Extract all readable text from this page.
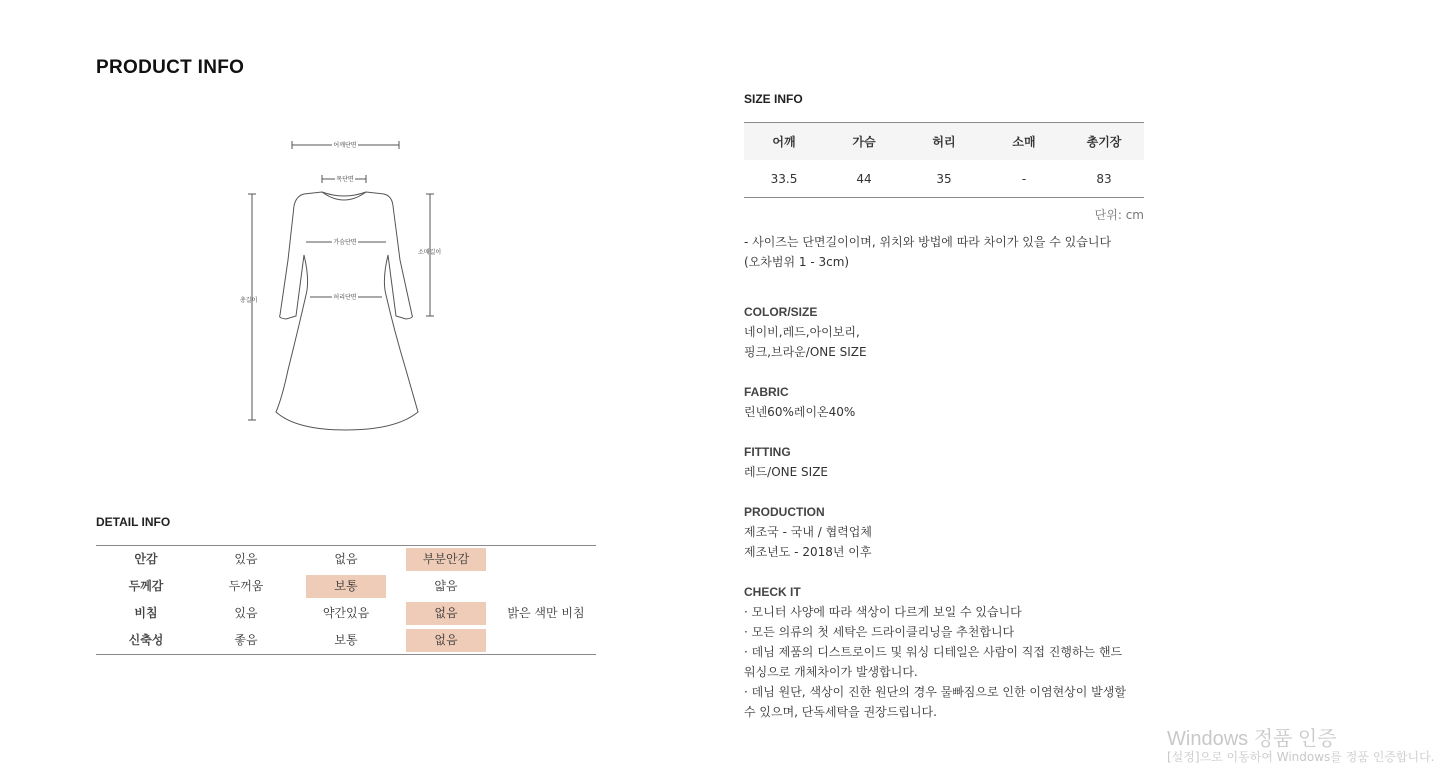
PRODUCT INFO
어깨단면
목단면
가슴단면
허리단면
소매길이
총길이
DETAIL INFO
안감	있음	없음	부분안감
두께감	두꺼움	보통	얇음
비침	있음	약간있음	없음	밝은 색만 비침
신축성	좋음	보통	없음
SIZE INFO
어깨	가슴	허리	소매	총기장
33.5	44	35	-	83
단위: cm
- 사이즈는 단면길이이며, 위치와 방법에 따라 차이가 있을 수 있습니다
(오차범위 1 - 3cm)
COLOR/SIZE
네이비,레드,아이보리,
핑크,브라운/ONE SIZE
FABRIC
린넨60%레이온40%
FITTING
레드/ONE SIZE
PRODUCTION
제조국 - 국내 / 협력업체
제조년도 - 2018년 이후
CHECK IT
· 모니터 사양에 따라 색상이 다르게 보일 수 있습니다
· 모든 의류의 첫 세탁은 드라이클리닝을 추천합니다
· 데님 제품의 디스트로이드 및 워싱 디테일은 사람이 직접 진행하는 핸드
워싱으로 개체차이가 발생합니다.
· 데님 원단, 색상이 진한 원단의 경우 물빠짐으로 인한 이염현상이 발생할
수 있으며, 단독세탁을 권장드립니다.
Windows 정품 인증
[설정]으로 이동하여 Windows를 정품 인증합니다.
